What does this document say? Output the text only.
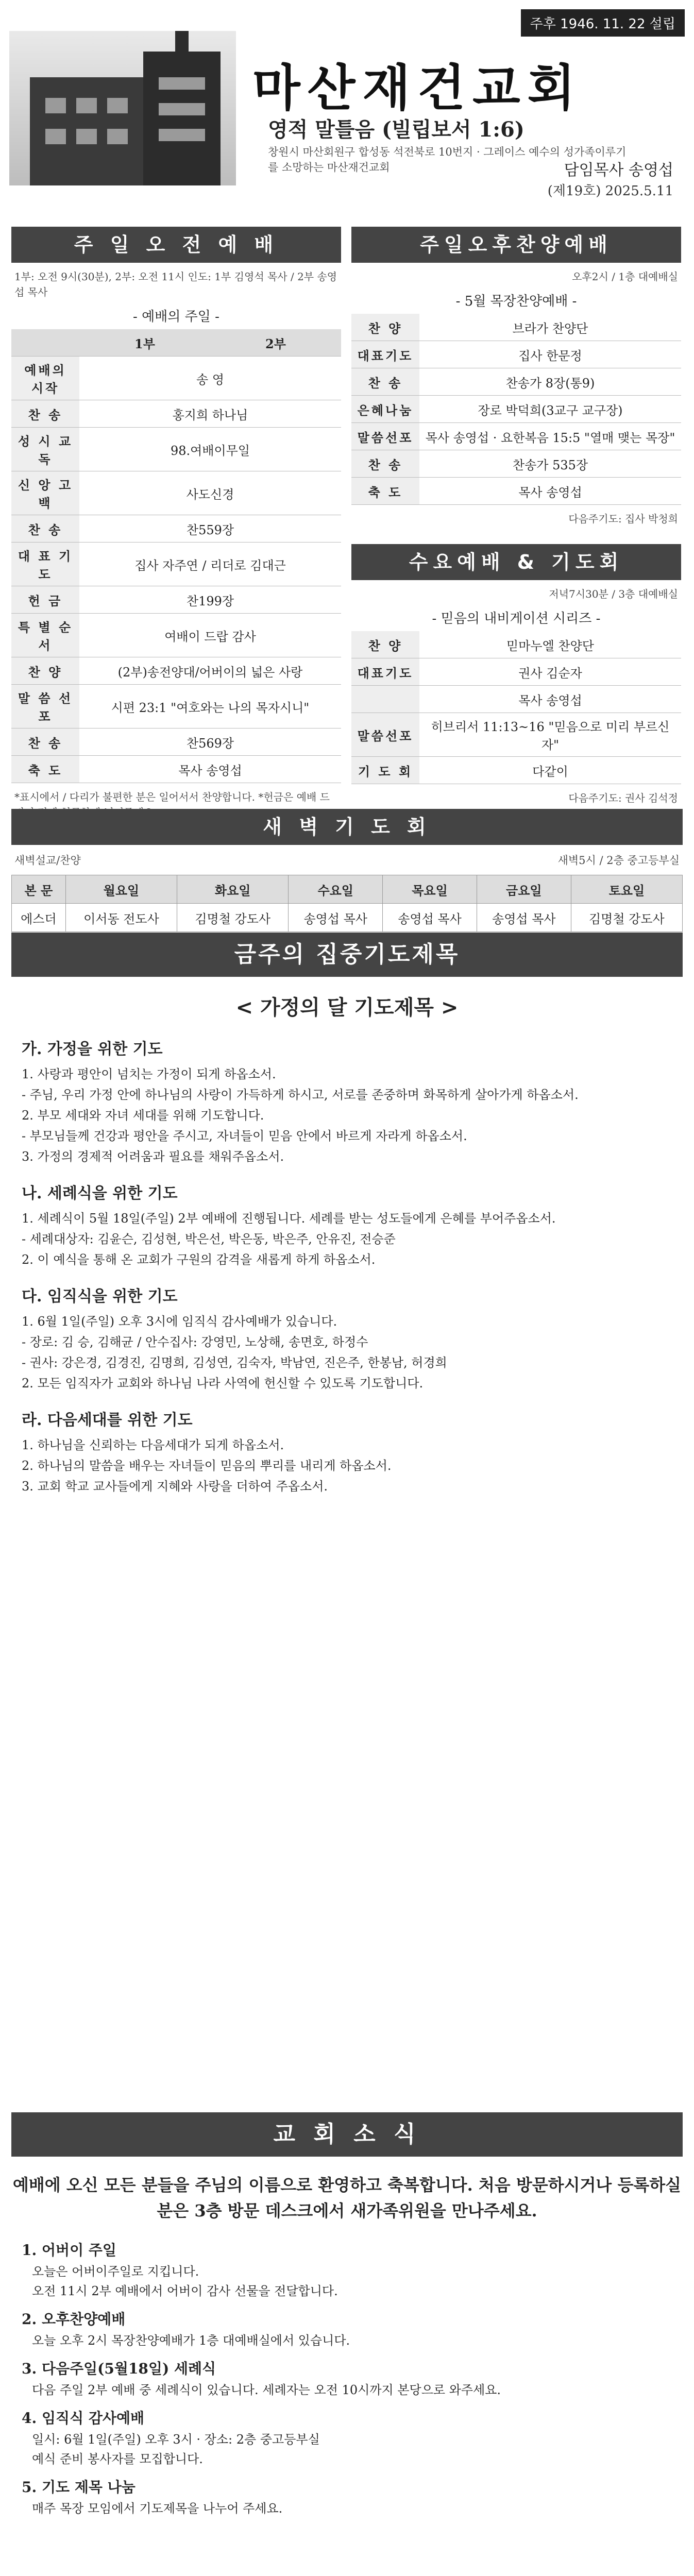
주후 1946. 11. 22 설립
마산재건교회
영적 말틀음 (빌립보서 1:6)
창원시 마산회원구 합성동 석전북로 10번지 · 그레이스 예수의 성가족이루기를 소망하는 마산재건교회	담임목사 송영섭
(제19호) 2025.5.11
주 일 오 전 예 배
1부: 오전 9시(30분), 2부: 오전 11시 인도: 1부 김영석 목사 / 2부 송영섭 목사
- 예배의 주일 -
	1부	2부
예배의 시작	송 영	
찬 송	홍지희 하나님	
성 시 교 독	98.여배이무일	
신 앙 고 백	사도신경	
찬 송	찬559장	
대 표 기 도	집사 자주연 / 리더로 김대근	
헌 금	찬199장	
특 별 순 서	여배이 드랍 감사	
찬 양	(2부)송전양대/어버이의 넓은 사랑	
말 씀 선 포	시편 23:1 "여호와는 나의 목자시니"	
찬 송	찬569장	
축 도	목사 송영섭	
*표시에서 / 다리가 불편한 분은 일어서서 찬양합니다. *헌금은 예배 드
주일오후찬양예배
오후2시 / 1층 대예배실
- 5월 목장찬양예배 -
찬 양	브라가 찬양단
대표기도	집사 한문정
찬 송	찬송가 8장(통9)
은혜나눔	장로 박덕희(3교구 교구장)
말씀선포	목사 송영섭 · 요한복음 15:5 "열매 맺는 목장"
찬 송	찬송가 535장
축 도	목사 송영섭
다음주기도: 집사 박청희
수요예배 & 기도회
저녁7시30분 / 3층 대예배실
- 믿음의 내비게이션 시리즈 -
찬 양	믿마누엘 찬양단
대표기도	권사 김순자
	목사 송영섭
말씀선포	히브리서 11:13~16 "믿음으로 미리 부르신 자"
기 도 회	다같이
다음주기도: 권사 김석정
새 벽 기 도 회
새벽설교/찬양	새벽5시 / 2층 중고등부실
본 문	월요일	화요일	수요일	목요일	금요일	토요일
에스더	이서동 전도사	김명철 강도사	송영섭 목사	송영섭 목사	송영섭 목사	김명철 강도사
금주의 집중기도제목
< 가정의 달 기도제목 >
가. 가정을 위한 기도
1. 사랑과 평안이 넘치는 가정이 되게 하옵소서.
- 주님, 우리 가정 안에 하나님의 사랑이 가득하게 하시고, 서로를 존중하며 화목하게 살아가게 하옵소서.
2. 부모 세대와 자녀 세대를 위해 기도합니다.
- 부모님들께 건강과 평안을 주시고, 자녀들이 믿음 안에서 바르게 자라게 하옵소서.
3. 가정의 경제적 어려움과 필요를 채워주옵소서.
나. 세례식을 위한 기도
1. 세례식이 5월 18일(주일) 2부 예배에 진행됩니다. 세례를 받는 성도들에게 은혜를 부어주옵소서.
- 세례대상자: 김윤슨, 김성현, 박은선, 박은동, 박은주, 안유진, 전승준
2. 이 예식을 통해 온 교회가 구원의 감격을 새롭게 하게 하옵소서.
다. 임직식을 위한 기도
1. 6월 1일(주일) 오후 3시에 임직식 감사예배가 있습니다.
- 장로: 김 승, 김해균 / 안수집사: 강영민, 노상해, 송면호, 하정수
- 권사: 강은경, 김경진, 김명희, 김성연, 김숙자, 박남연, 진은주, 한봉남, 허경희
2. 모든 임직자가 교회와 하나님 나라 사역에 헌신할 수 있도록 기도합니다.
라. 다음세대를 위한 기도
1. 하나님을 신뢰하는 다음세대가 되게 하옵소서.
2. 하나님의 말씀을 배우는 자녀들이 믿음의 뿌리를 내리게 하옵소서.
3. 교회 학교 교사들에게 지혜와 사랑을 더하여 주옵소서.
교 회 소 식
예배에 오신 모든 분들을 주님의 이름으로 환영하고 축복합니다. 처음 방문하시거나 등록하실 분은 3층 방문 데스크에서 새가족위원을 만나주세요.
1. 어버이 주일
오늘은 어버이주일로 지킵니다.
오전 11시 2부 예배에서 어버이 감사 선물을 전달합니다.
2. 오후찬양예배
오늘 오후 2시 목장찬양예배가 1층 대예배실에서 있습니다.
3. 다음주일(5월18일) 세례식
다음 주일 2부 예배 중 세례식이 있습니다. 세례자는 오전 10시까지 본당으로 와주세요.
4. 임직식 감사예배
일시: 6월 1일(주일) 오후 3시 · 장소: 2층 중고등부실
예식 준비 봉사자를 모집합니다.
5. 기도 제목 나눔
매주 목장 모임에서 기도제목을 나누어 주세요.
